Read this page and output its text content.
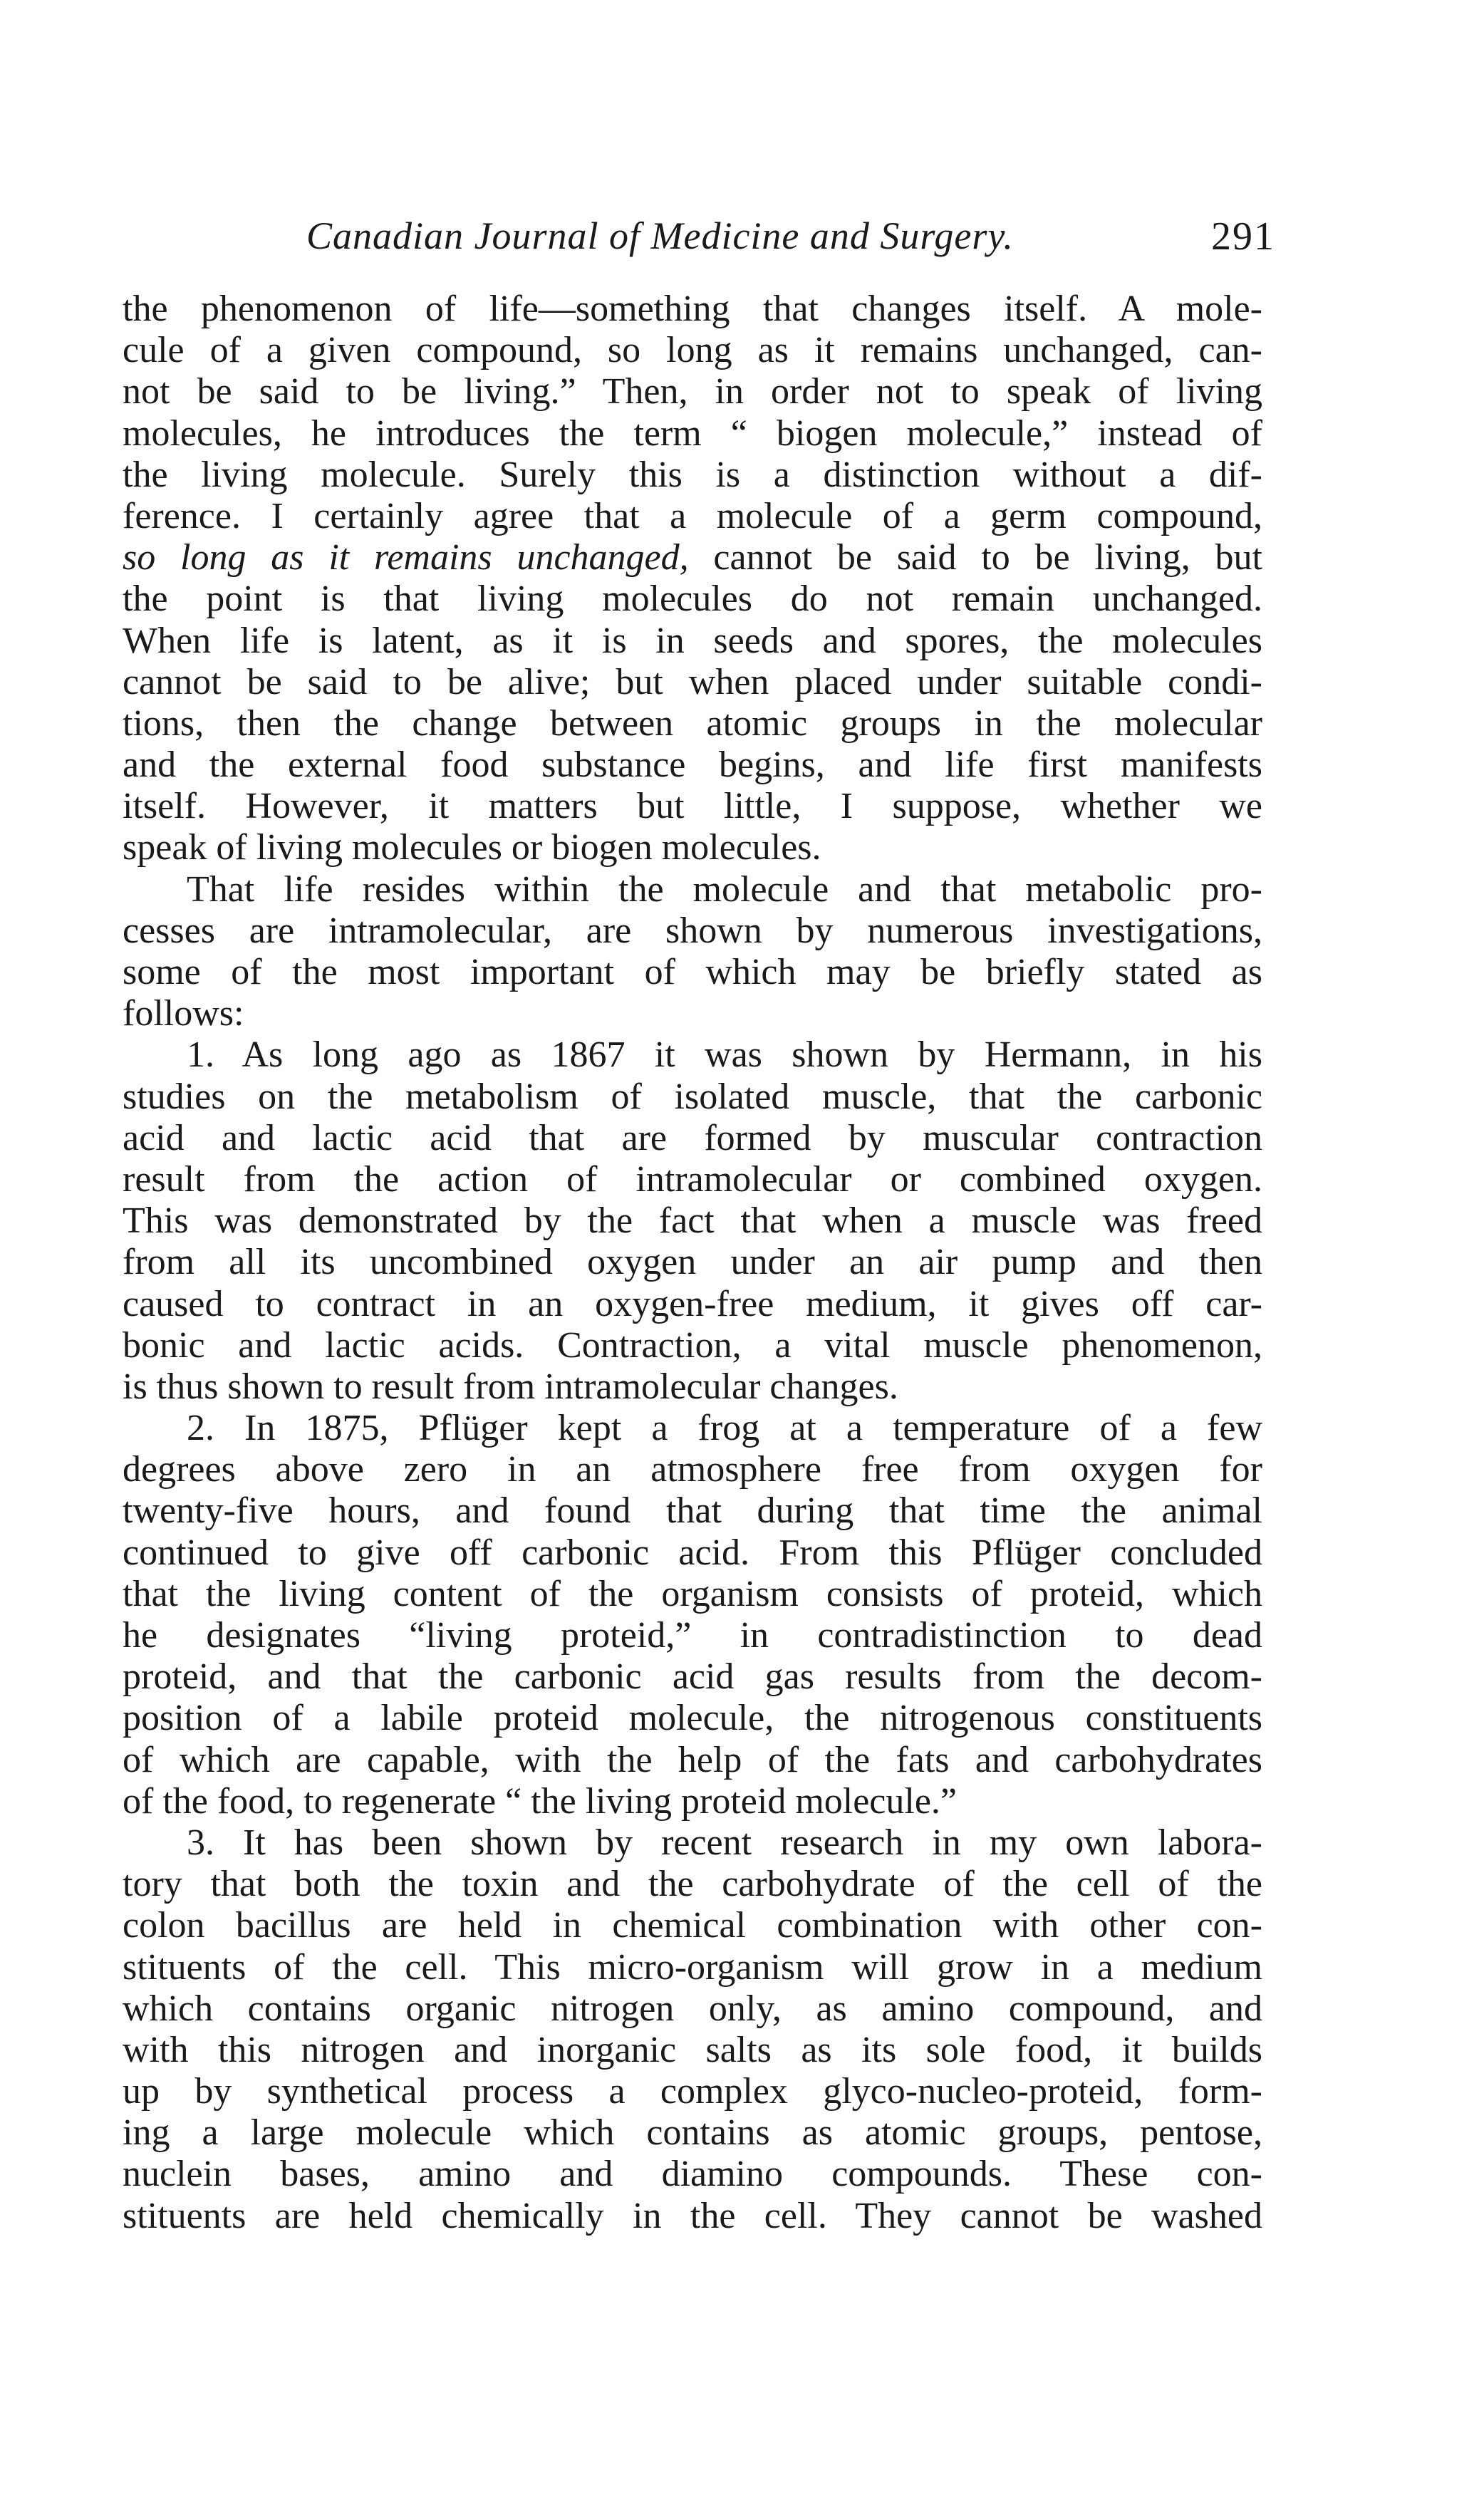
Canadian Journal of Medicine and Surgery.	291
the phenomenon of life—something that changes itself. A mole-
cule of a given compound, so long as it remains unchanged, can-
not be said to be living.” Then, in order not to speak of living
molecules, he introduces the term “ biogen molecule,” instead of
the living molecule. Surely this is a distinction without a dif-
ference. I certainly agree that a molecule of a germ compound,
so long as it remains unchanged, cannot be said to be living, but
the point is that living molecules do not remain unchanged.
When life is latent, as it is in seeds and spores, the molecules
cannot be said to be alive; but when placed under suitable condi-
tions, then the change between atomic groups in the molecular
and the external food substance begins, and life first manifests
itself. However, it matters but little, I suppose, whether we
speak of living molecules or biogen molecules.
That life resides within the molecule and that metabolic pro-
cesses are intramolecular, are shown by numerous investigations,
some of the most important of which may be briefly stated as
follows:
1. As long ago as 1867 it was shown by Hermann, in his
studies on the metabolism of isolated muscle, that the carbonic
acid and lactic acid that are formed by muscular contraction
result from the action of intramolecular or combined oxygen.
This was demonstrated by the fact that when a muscle was freed
from all its uncombined oxygen under an air pump and then
caused to contract in an oxygen-free medium, it gives off car-
bonic and lactic acids. Contraction, a vital muscle phenomenon,
is thus shown to result from intramolecular changes.
2. In 1875, Pflüger kept a frog at a temperature of a few
degrees above zero in an atmosphere free from oxygen for
twenty-five hours, and found that during that time the animal
continued to give off carbonic acid. From this Pflüger concluded
that the living content of the organism consists of proteid, which
he designates “living proteid,” in contradistinction to dead
proteid, and that the carbonic acid gas results from the decom-
position of a labile proteid molecule, the nitrogenous constituents
of which are capable, with the help of the fats and carbohydrates
of the food, to regenerate “ the living proteid molecule.”
3. It has been shown by recent research in my own labora-
tory that both the toxin and the carbohydrate of the cell of the
colon bacillus are held in chemical combination with other con-
stituents of the cell. This micro-organism will grow in a medium
which contains organic nitrogen only, as amino compound, and
with this nitrogen and inorganic salts as its sole food, it builds
up by synthetical process a complex glyco-nucleo-proteid, form-
ing a large molecule which contains as atomic groups, pentose,
nuclein bases, amino and diamino compounds. These con-
stituents are held chemically in the cell. They cannot be washed
